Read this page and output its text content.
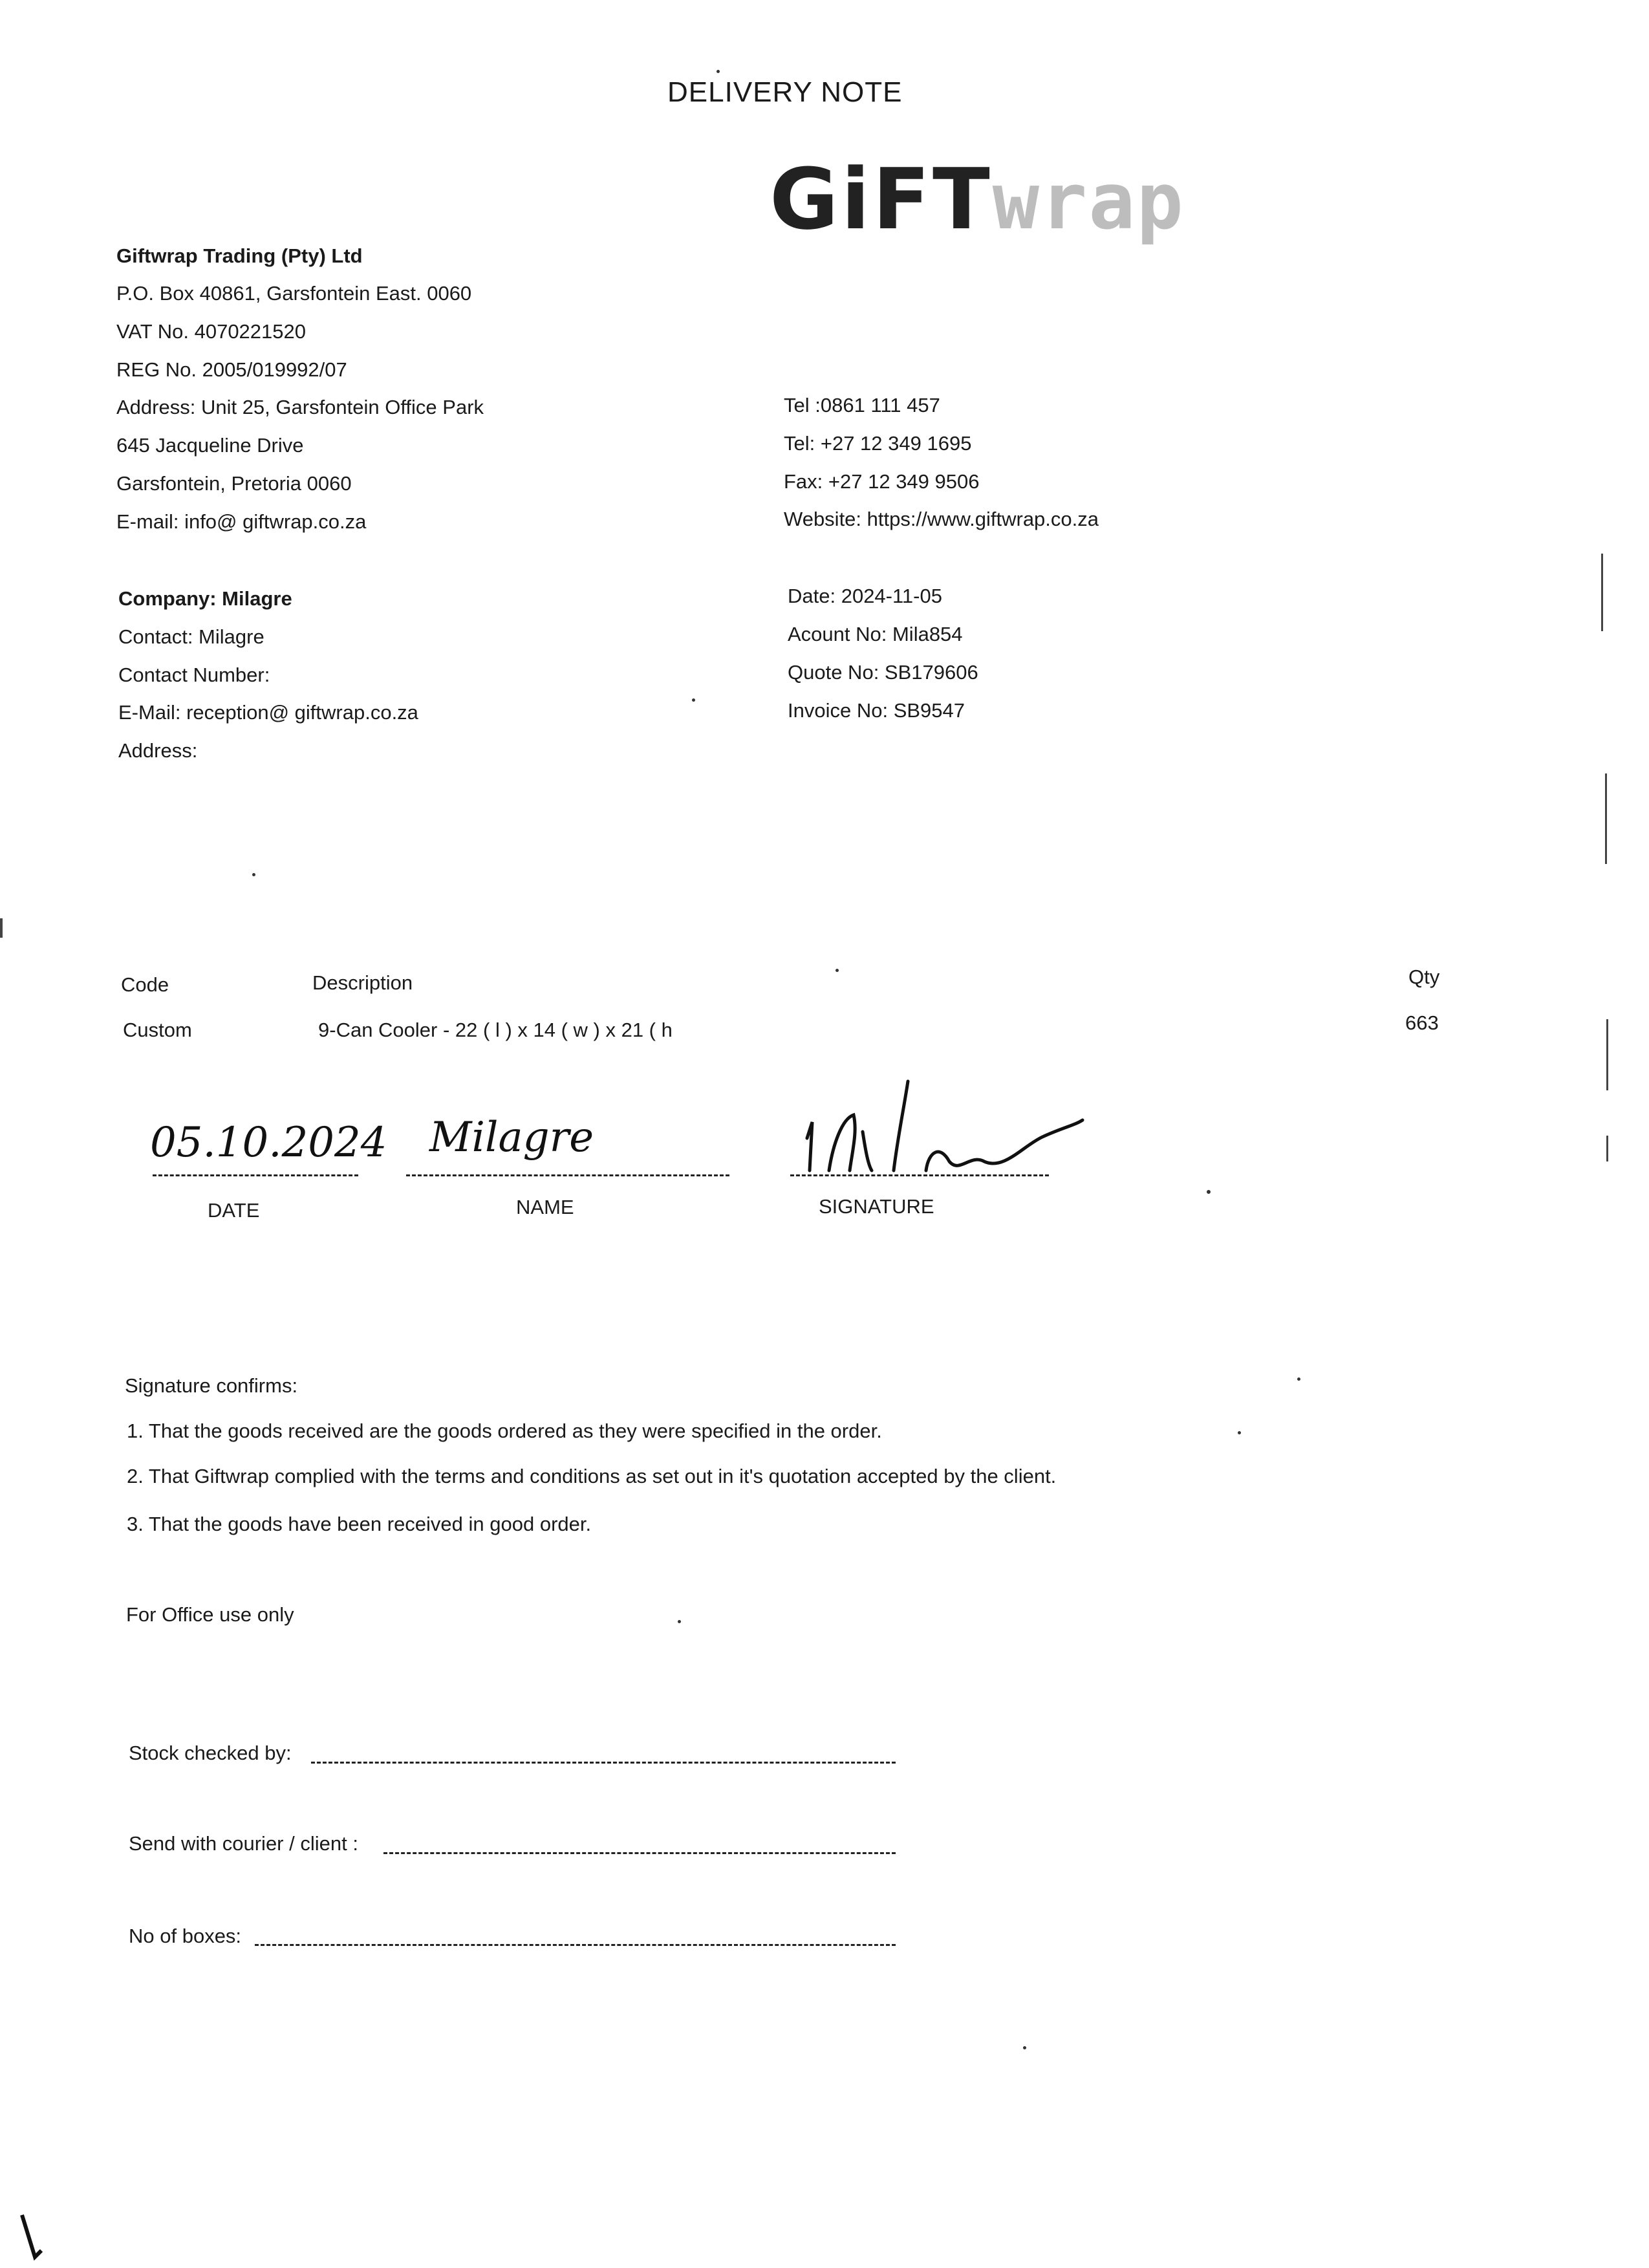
DELIVERY NOTE
GiFTwrap
Giftwrap Trading (Pty) Ltd
P.O. Box 40861, Garsfontein East. 0060
VAT No. 4070221520
REG No. 2005/019992/07
Address: Unit 25, Garsfontein Office Park
645 Jacqueline Drive
Garsfontein, Pretoria 0060
E-mail: info@ giftwrap.co.za
Tel :0861 111 457
Tel: +27 12 349 1695
Fax: +27 12 349 9506
Website: https://www.giftwrap.co.za
Company: Milagre
Contact: Milagre
Contact Number:
E-Mail: reception@ giftwrap.co.za
Address:
Date: 2024-11-05
Acount No: Mila854
Quote No: SB179606
Invoice No: SB9547
Code	Description	Qty
Custom	9-Can Cooler - 22 ( l ) x 14 ( w ) x 21 ( h	663
05.10.2024 Milagre
DATE	NAME	SIGNATURE
Signature confirms:
1. That the goods received are the goods ordered as they were specified in the order.
2. That Giftwrap complied with the terms and conditions as set out in it's quotation accepted by the client.
3. That the goods have been received in good order.
For Office use only
Stock checked by:
Send with courier / client :
No of boxes:
